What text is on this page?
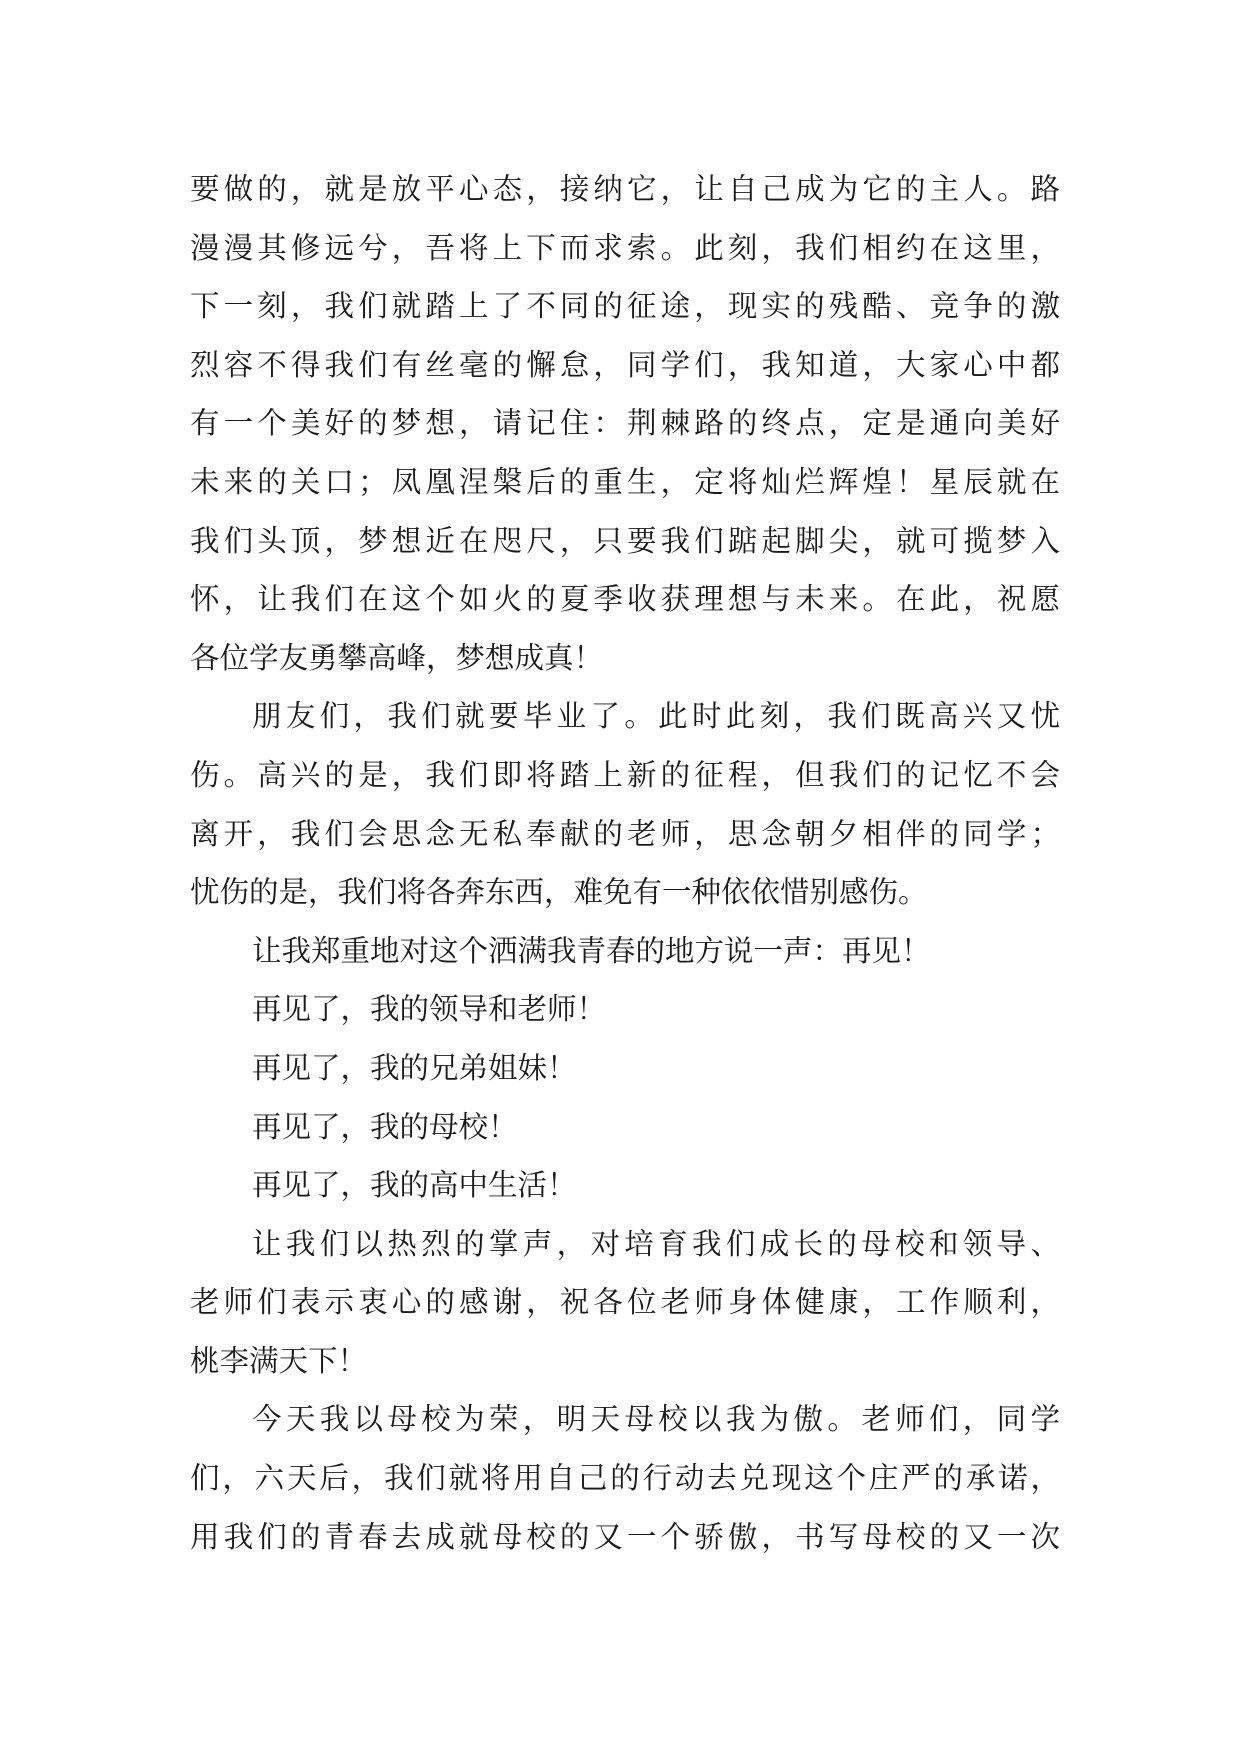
要做的，就是放平心态，接纳它，让自己成为它的主人。路
漫漫其修远兮，吾将上下而求索。此刻，我们相约在这里，
下一刻，我们就踏上了不同的征途，现实的残酷、竞争的激
烈容不得我们有丝毫的懈怠，同学们，我知道，大家心中都
有一个美好的梦想，请记住：荆棘路的终点，定是通向美好
未来的关口；凤凰涅槃后的重生，定将灿烂辉煌！星辰就在
我们头顶，梦想近在咫尺，只要我们踮起脚尖，就可揽梦入
怀，让我们在这个如火的夏季收获理想与未来。在此，祝愿
各位学友勇攀高峰，梦想成真！
朋友们，我们就要毕业了。此时此刻，我们既高兴又忧
伤。高兴的是，我们即将踏上新的征程，但我们的记忆不会
离开，我们会思念无私奉献的老师，思念朝夕相伴的同学；
忧伤的是，我们将各奔东西，难免有一种依依惜别感伤。
让我郑重地对这个洒满我青春的地方说一声：再见！
再见了，我的领导和老师！
再见了，我的兄弟姐妹！
再见了，我的母校！
再见了，我的高中生活！
让我们以热烈的掌声，对培育我们成长的母校和领导、
老师们表示衷心的感谢，祝各位老师身体健康，工作顺利，
桃李满天下！
今天我以母校为荣，明天母校以我为傲。老师们，同学
们，六天后，我们就将用自己的行动去兑现这个庄严的承诺，
用我们的青春去成就母校的又一个骄傲，书写母校的又一次
